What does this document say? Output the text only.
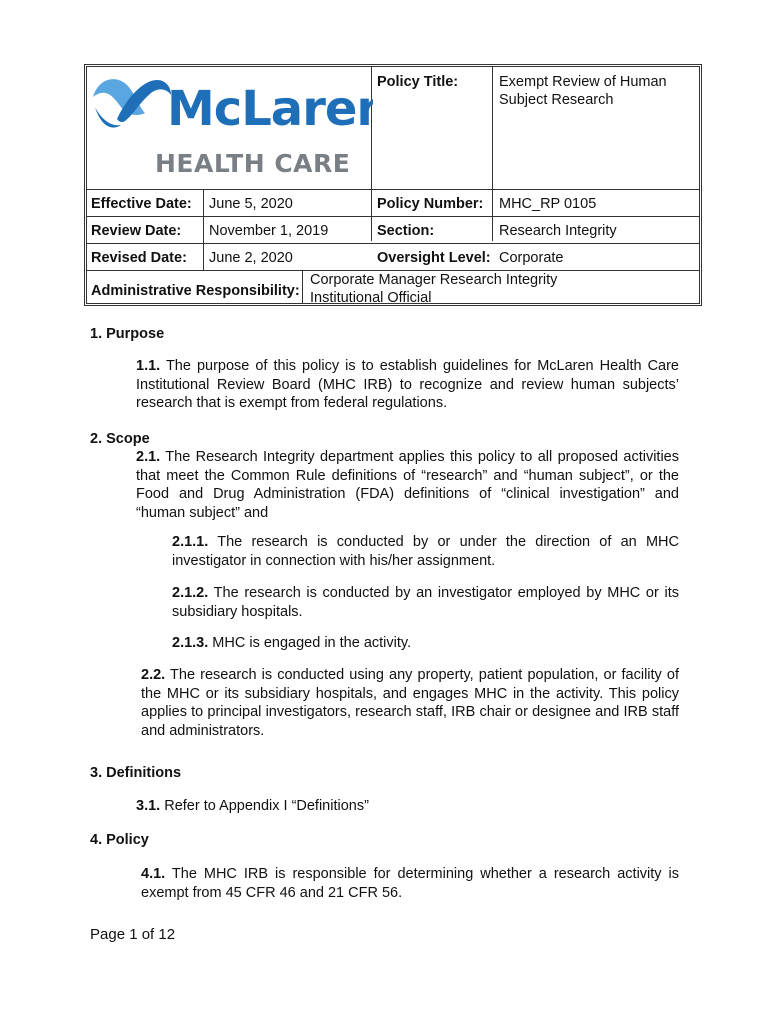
McLaren
HEALTH CARE
Policy Title:	Exempt Review of Human
Subject Research
Effective Date: June 5, 2020	Policy Number: MHC_RP 0105
Review Date: November 1, 2019	Section:	Research Integrity
Revised Date: June 2, 2020	Oversight Level: Corporate
Administrative Responsibility:
Corporate Manager Research Integrity
Institutional Official
1. Purpose
1.1. The purpose of this policy is to establish guidelines for McLaren Health Care Institutional Review Board (MHC IRB) to recognize and review human subjects’ research that is exempt from federal regulations.
2. Scope
2.1. The Research Integrity department applies this policy to all proposed activities that meet the Common Rule definitions of “research” and “human subject”, or the Food and Drug Administration (FDA) definitions of “clinical investigation” and “human subject” and
2.1.1. The research is conducted by or under the direction of an MHC investigator in connection with his/her assignment.
2.1.2. The research is conducted by an investigator employed by MHC or its subsidiary hospitals.
2.1.3. MHC is engaged in the activity.
2.2. The research is conducted using any property, patient population, or facility of the MHC or its subsidiary hospitals, and engages MHC in the activity. This policy applies to principal investigators, research staff, IRB chair or designee and IRB staff and administrators.
3. Definitions
3.1. Refer to Appendix I “Definitions”
4. Policy
4.1. The MHC IRB is responsible for determining whether a research activity is exempt from 45 CFR 46 and 21 CFR 56.
Page 1 of 12
